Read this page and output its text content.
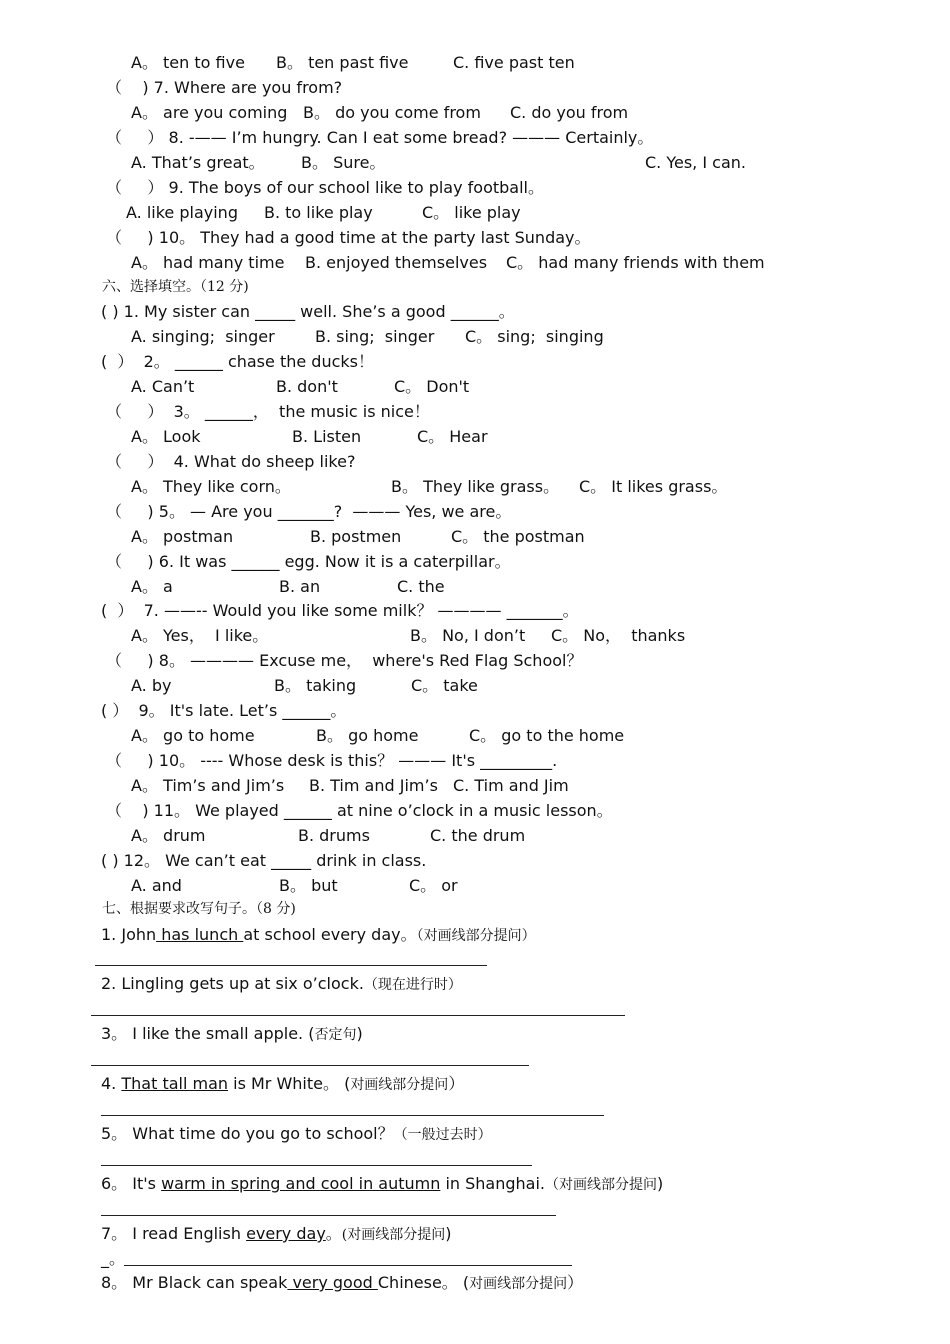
A。 ten to five B。 ten past five	C. five past ten
（    ) 7. Where are you from?
A。 are you coming B。 do you come from C. do you from
（     ） 8. -—— I’m hungry. Can I eat some bread? ——— Certainly。
A. That’s great。 B。 Sure。	C. Yes, I can.
（     ） 9. The boys of our school like to play football。
A. like playing B. to like play	C。 like play
（     ) 10。 They had a good time at the party last Sunday。
A。 had many time B. enjoyed themselves C。 had many friends with them
六、选择填空。（12 分)
( ) 1. My sister can _____ well. She’s a good ______。
A. singing;  singer	B. sing;  singer C。 sing;  singing
(  ）  2。 ______ chase the ducks！
A. Can’t	B. don't	C。 Don't
（     ）  3。 ______，  the music is nice！
A。 Look	B. Listen	C。 Hear
（     ）  4. What do sheep like?
A。 They like corn。	B。 They like grass。 C。 It likes grass。
（     ) 5。 — Are you _______?  ——— Yes, we are。
A。 postman	B. postmen	C。 the postman
（     ) 6. It was ______ egg. Now it is a caterpillar。
A。 a	B. an	C. the
(  ）  7. ——-- Would you like some milk？ ———— _______。
A。 Yes，  I like。	B。 No, I don’t C。 No，  thanks
（     ) 8。 ———— Excuse me，  where's Red Flag School？
A. by	B。 taking	C。 take
( ）  9。 It's late. Let’s ______。
A。 go to home	B。 go home	C。 go to the home
（     ) 10。 ---- Whose desk is this？ ——— It's _________.
A。 Tim’s and Jim’s B. Tim and Jim’s C. Tim and Jim
（    ) 11。 We played ______ at nine o’clock in a music lesson。
A。 drum	B. drums	C. the drum
( ) 12。 We can’t eat _____ drink in class.
A. and	B。 but	C。 or
七、根据要求改写句子。（8 分)
1. John has lunch at school every day。（对画线部分提问）
2. Lingling gets up at six o’clock.（现在进行时）
3。 I like the small apple. (否定句)
4. That tall man is Mr White。 (对画线部分提问）
5。 What time do you go to school？（一般过去时）
6。 It's warm in spring and cool in autumn in Shanghai.（对画线部分提问)
7。 I read English every day。(对画线部分提问)
_。
8。 Mr Black can speak very good Chinese。 (对画线部分提问）
